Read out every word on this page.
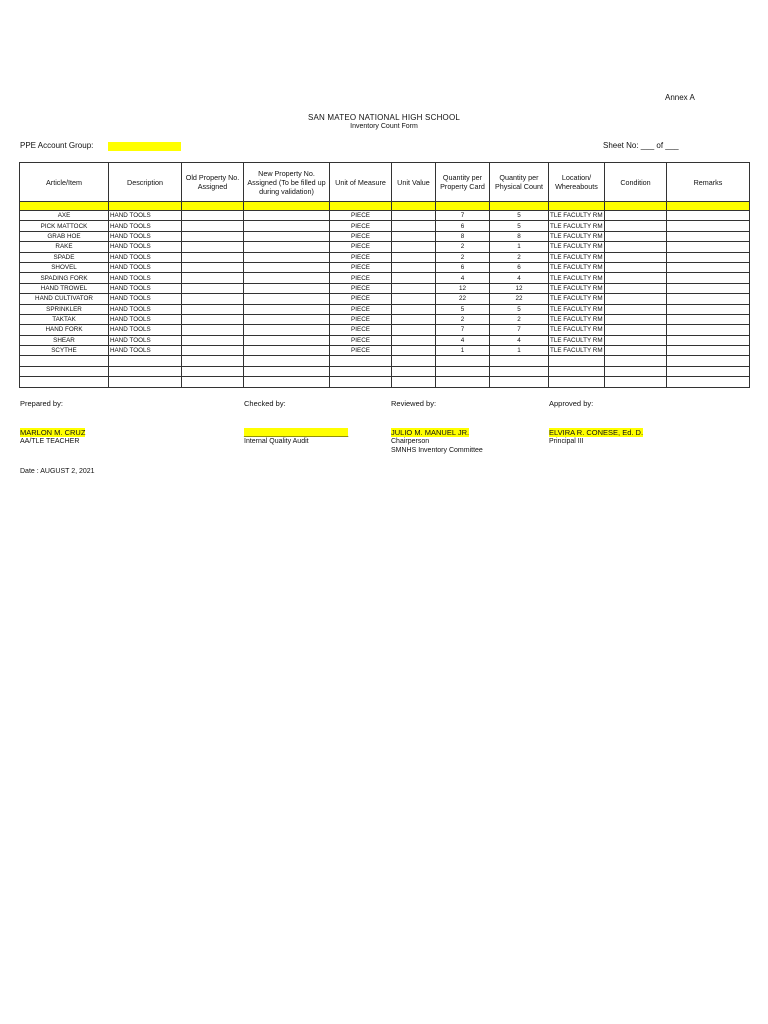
Annex A
SAN MATEO NATIONAL HIGH SCHOOL
Inventory Count Form
PPE Account Group:	Sheet No: ___ of ___
Article/Item	Description	Old Property No. Assigned	New Property No. Assigned (To be filled up during validation)	Unit of Measure	Unit Value	Quantity per Property Card	Quantity per Physical Count	Location/ Whereabouts	Condition	Remarks

AXE	HAND TOOLS			PIECE		7	5	TLE FACULTY RM		
PICK MATTOCK	HAND TOOLS			PIECE		6	5	TLE FACULTY RM		
GRAB HOE	HAND TOOLS			PIECE		8	8	TLE FACULTY RM		
RAKE	HAND TOOLS			PIECE		2	1	TLE FACULTY RM		
SPADE	HAND TOOLS			PIECE		2	2	TLE FACULTY RM		
SHOVEL	HAND TOOLS			PIECE		6	6	TLE FACULTY RM		
SPADING FORK	HAND TOOLS			PIECE		4	4	TLE FACULTY RM		
HAND TROWEL	HAND TOOLS			PIECE		12	12	TLE FACULTY RM		
HAND CULTIVATOR	HAND TOOLS			PIECE		22	22	TLE FACULTY RM		
SPRINKLER	HAND TOOLS			PIECE		5	5	TLE FACULTY RM		
TAKTAK	HAND TOOLS			PIECE		2	2	TLE FACULTY RM		
HAND FORK	HAND TOOLS			PIECE		7	7	TLE FACULTY RM		
SHEAR	HAND TOOLS			PIECE		4	4	TLE FACULTY RM		
SCYTHE	HAND TOOLS			PIECE		1	1	TLE FACULTY RM		

Prepared by:	Checked by:	Reviewed by:	Approved by:
MARLON M. CRUZ
AA/TLE TEACHER
_________________________
Internal Quality Audit
JULIO M. MANUEL JR.
Chairperson
SMNHS Inventory Committee
ELVIRA R. CONESE, Ed. D.
Principal III
Date : AUGUST 2, 2021
